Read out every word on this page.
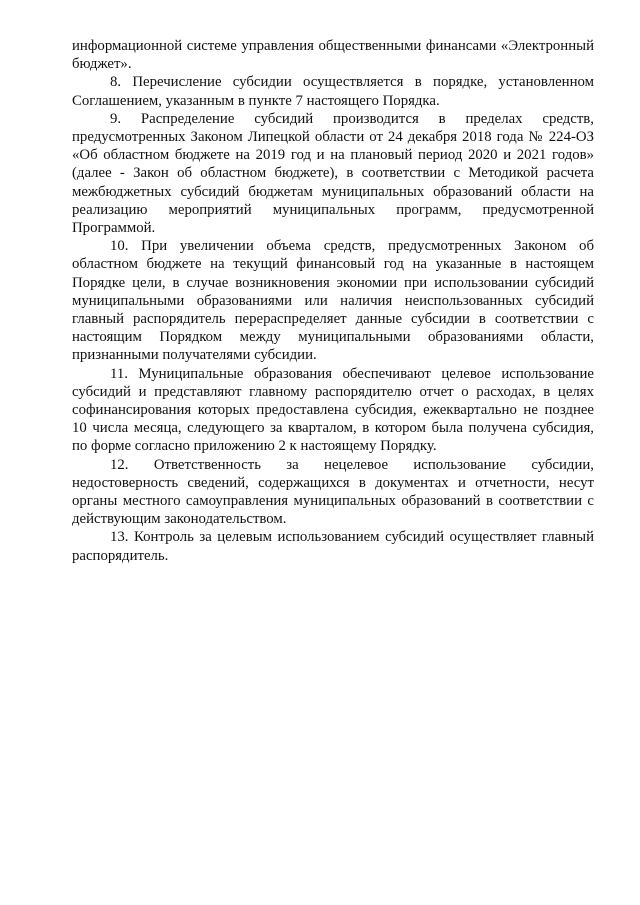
информационной системе управления общественными финансами «Электронный бюджет».

8. Перечисление субсидии осуществляется в порядке, установленном Соглашением, указанным в пункте 7 настоящего Порядка.

9. Распределение субсидий производится в пределах средств, предусмотренных Законом Липецкой области от 24 декабря 2018 года № 224-ОЗ «Об областном бюджете на 2019 год и на плановый период 2020 и 2021 годов» (далее - Закон об областном бюджете), в соответствии с Методикой расчета межбюджетных субсидий бюджетам муниципальных образований области на реализацию мероприятий муниципальных программ, предусмотренной Программой.

10. При увеличении объема средств, предусмотренных Законом об областном бюджете на текущий финансовый год на указанные в настоящем Порядке цели, в случае возникновения экономии при использовании субсидий муниципальными образованиями или наличия неиспользованных субсидий главный распорядитель перераспределяет данные субсидии в соответствии с настоящим Порядком между муниципальными образованиями области, признанными получателями субсидии.

11. Муниципальные образования обеспечивают целевое использование субсидий и представляют главному распорядителю отчет о расходах, в целях софинансирования которых предоставлена субсидия, ежеквартально не позднее 10 числа месяца, следующего за кварталом, в котором была получена субсидия, по форме согласно приложению 2 к настоящему Порядку.

12. Ответственность за нецелевое использование субсидии, недостоверность сведений, содержащихся в документах и отчетности, несут органы местного самоуправления муниципальных образований в соответствии с действующим законодательством.

13. Контроль за целевым использованием субсидий осуществляет главный распорядитель.
